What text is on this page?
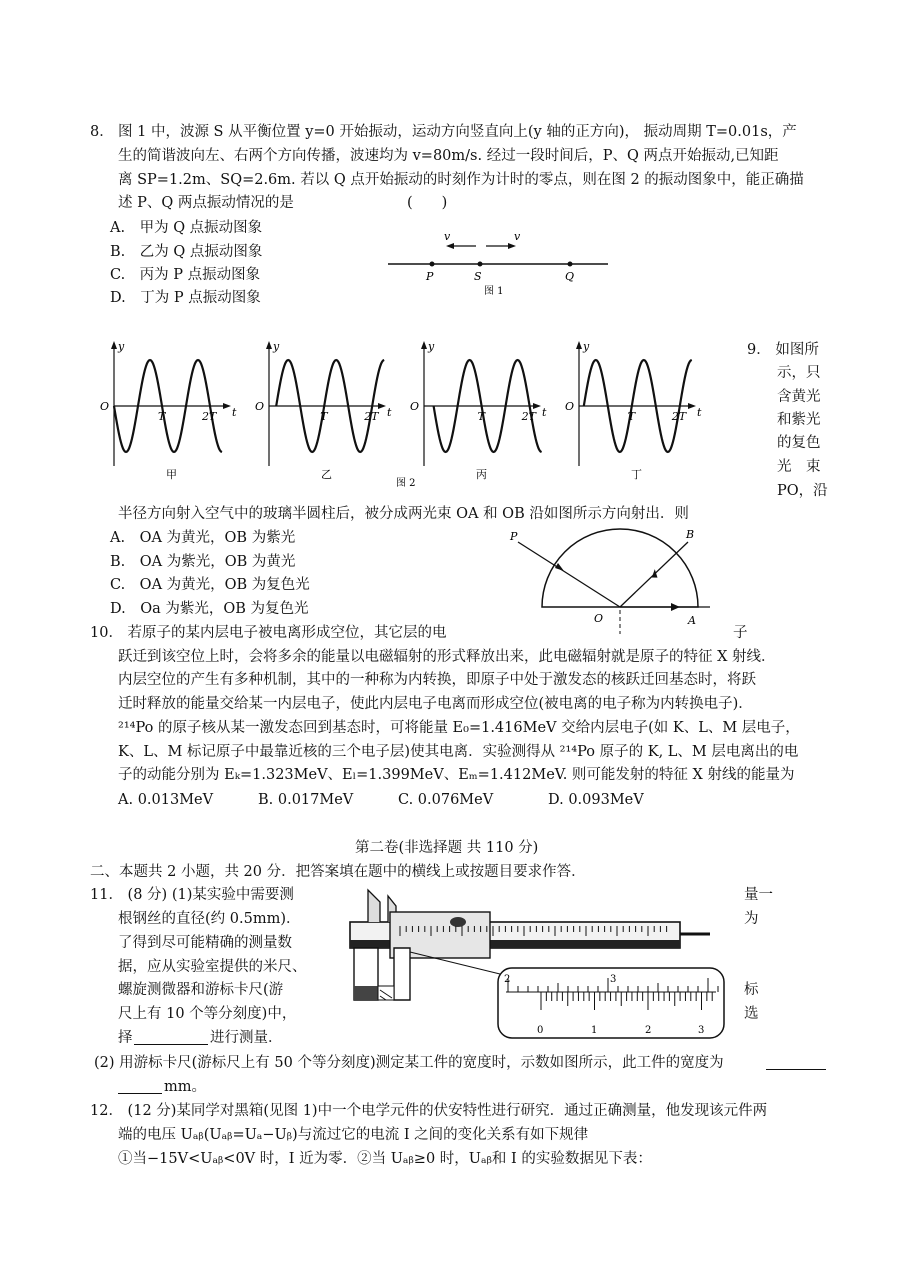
8． 图 1 中，波源 S 从平衡位置 y=0 开始振动，运动方向竖直向上(y 轴的正方向)， 振动周期 T=0.01s，产
生的简谐波向左、右两个方向传播，波速均为 v=80m/s. 经过一段时间后，P、Q 两点开始振动,已知距
离 SP=1.2m、SQ=2.6m. 若以 Q 点开始振动的时刻作为计时的零点，则在图 2 的振动图象中，能正确描
述 P、Q 两点振动情况的是	(　　)
A.　甲为 Q 点振动图象
B.　乙为 Q 点振动图象
C.　丙为 P 点振动图象
D.　丁为 P 点振动图象
v	v
P	S	Q
图 1
图 2
O
y
t
T	2T
甲
O
y
t
T	2T
乙
O
y
t
T	2T
丙
O
y
t
T	2T
丁
9． 如图所
示，只
含黄光
和紫光
的复色
光　束
PO，沿
半径方向射入空气中的玻璃半圆柱后，被分成两光束 OA 和 OB 沿如图所示方向射出．则
A.　OA 为黄光，OB 为紫光
B.　OA 为紫光，OB 为黄光
C.　OA 为黄光，OB 为复色光
D.　Oa 为紫光，OB 为复色光
P	B
O	A
10． 若原子的某内层电子被电离形成空位，其它层的电	子
跃迁到该空位上时，会将多余的能量以电磁辐射的形式释放出来，此电磁辐射就是原子的特征 X 射线．
内层空位的产生有多种机制，其中的一种称为内转换，即原子中处于激发态的核跃迁回基态时，将跃
迁时释放的能量交给某一内层电子，使此内层电子电离而形成空位(被电离的电子称为内转换电子)．
²¹⁴Po 的原子核从某一激发态回到基态时，可将能量 E₀=1.416MeV 交给内层电子(如 K、L、M 层电子，
K、L、M 标记原子中最靠近核的三个电子层)使其电离．实验测得从 ²¹⁴Po 原子的 K, L、M 层电离出的电
子的动能分别为 Eₖ=1.323MeV、Eₗ=1.399MeV、Eₘ=1.412MeV. 则可能发射的特征 X 射线的能量为
A. 0.013MeV	B. 0.017MeV	C. 0.076MeV	D. 0.093MeV
第二卷(非选择题 共 110 分)
二、本题共 2 小题，共 20 分．把答案填在题中的横线上或按题目要求作答．
11． (8 分) (1)某实验中需要测
根钢丝的直径(约 0.5mm)．
了得到尽可能精确的测量数
据，应从实验室提供的米尺、
螺旋测微器和游标卡尺(游
尺上有 10 个等分刻度)中，
择	进行测量．
量一
为
标
选
2	3
0	1	2	3
(2) 用游标卡尺(游标尺上有 50 个等分刻度)测定某工件的宽度时，示数如图所示，此工件的宽度为
mm。
12． (12 分)某同学对黑箱(见图 1)中一个电学元件的伏安特性进行研究．通过正确测量，他发现该元件两
端的电压 Uₐᵦ(Uₐᵦ=Uₐ−Uᵦ)与流过它的电流 I 之间的变化关系有如下规律
①当−15V<Uₐᵦ<0V 时，I 近为零．②当 Uₐᵦ≥0 时，Uₐᵦ和 I 的实验数据见下表：
